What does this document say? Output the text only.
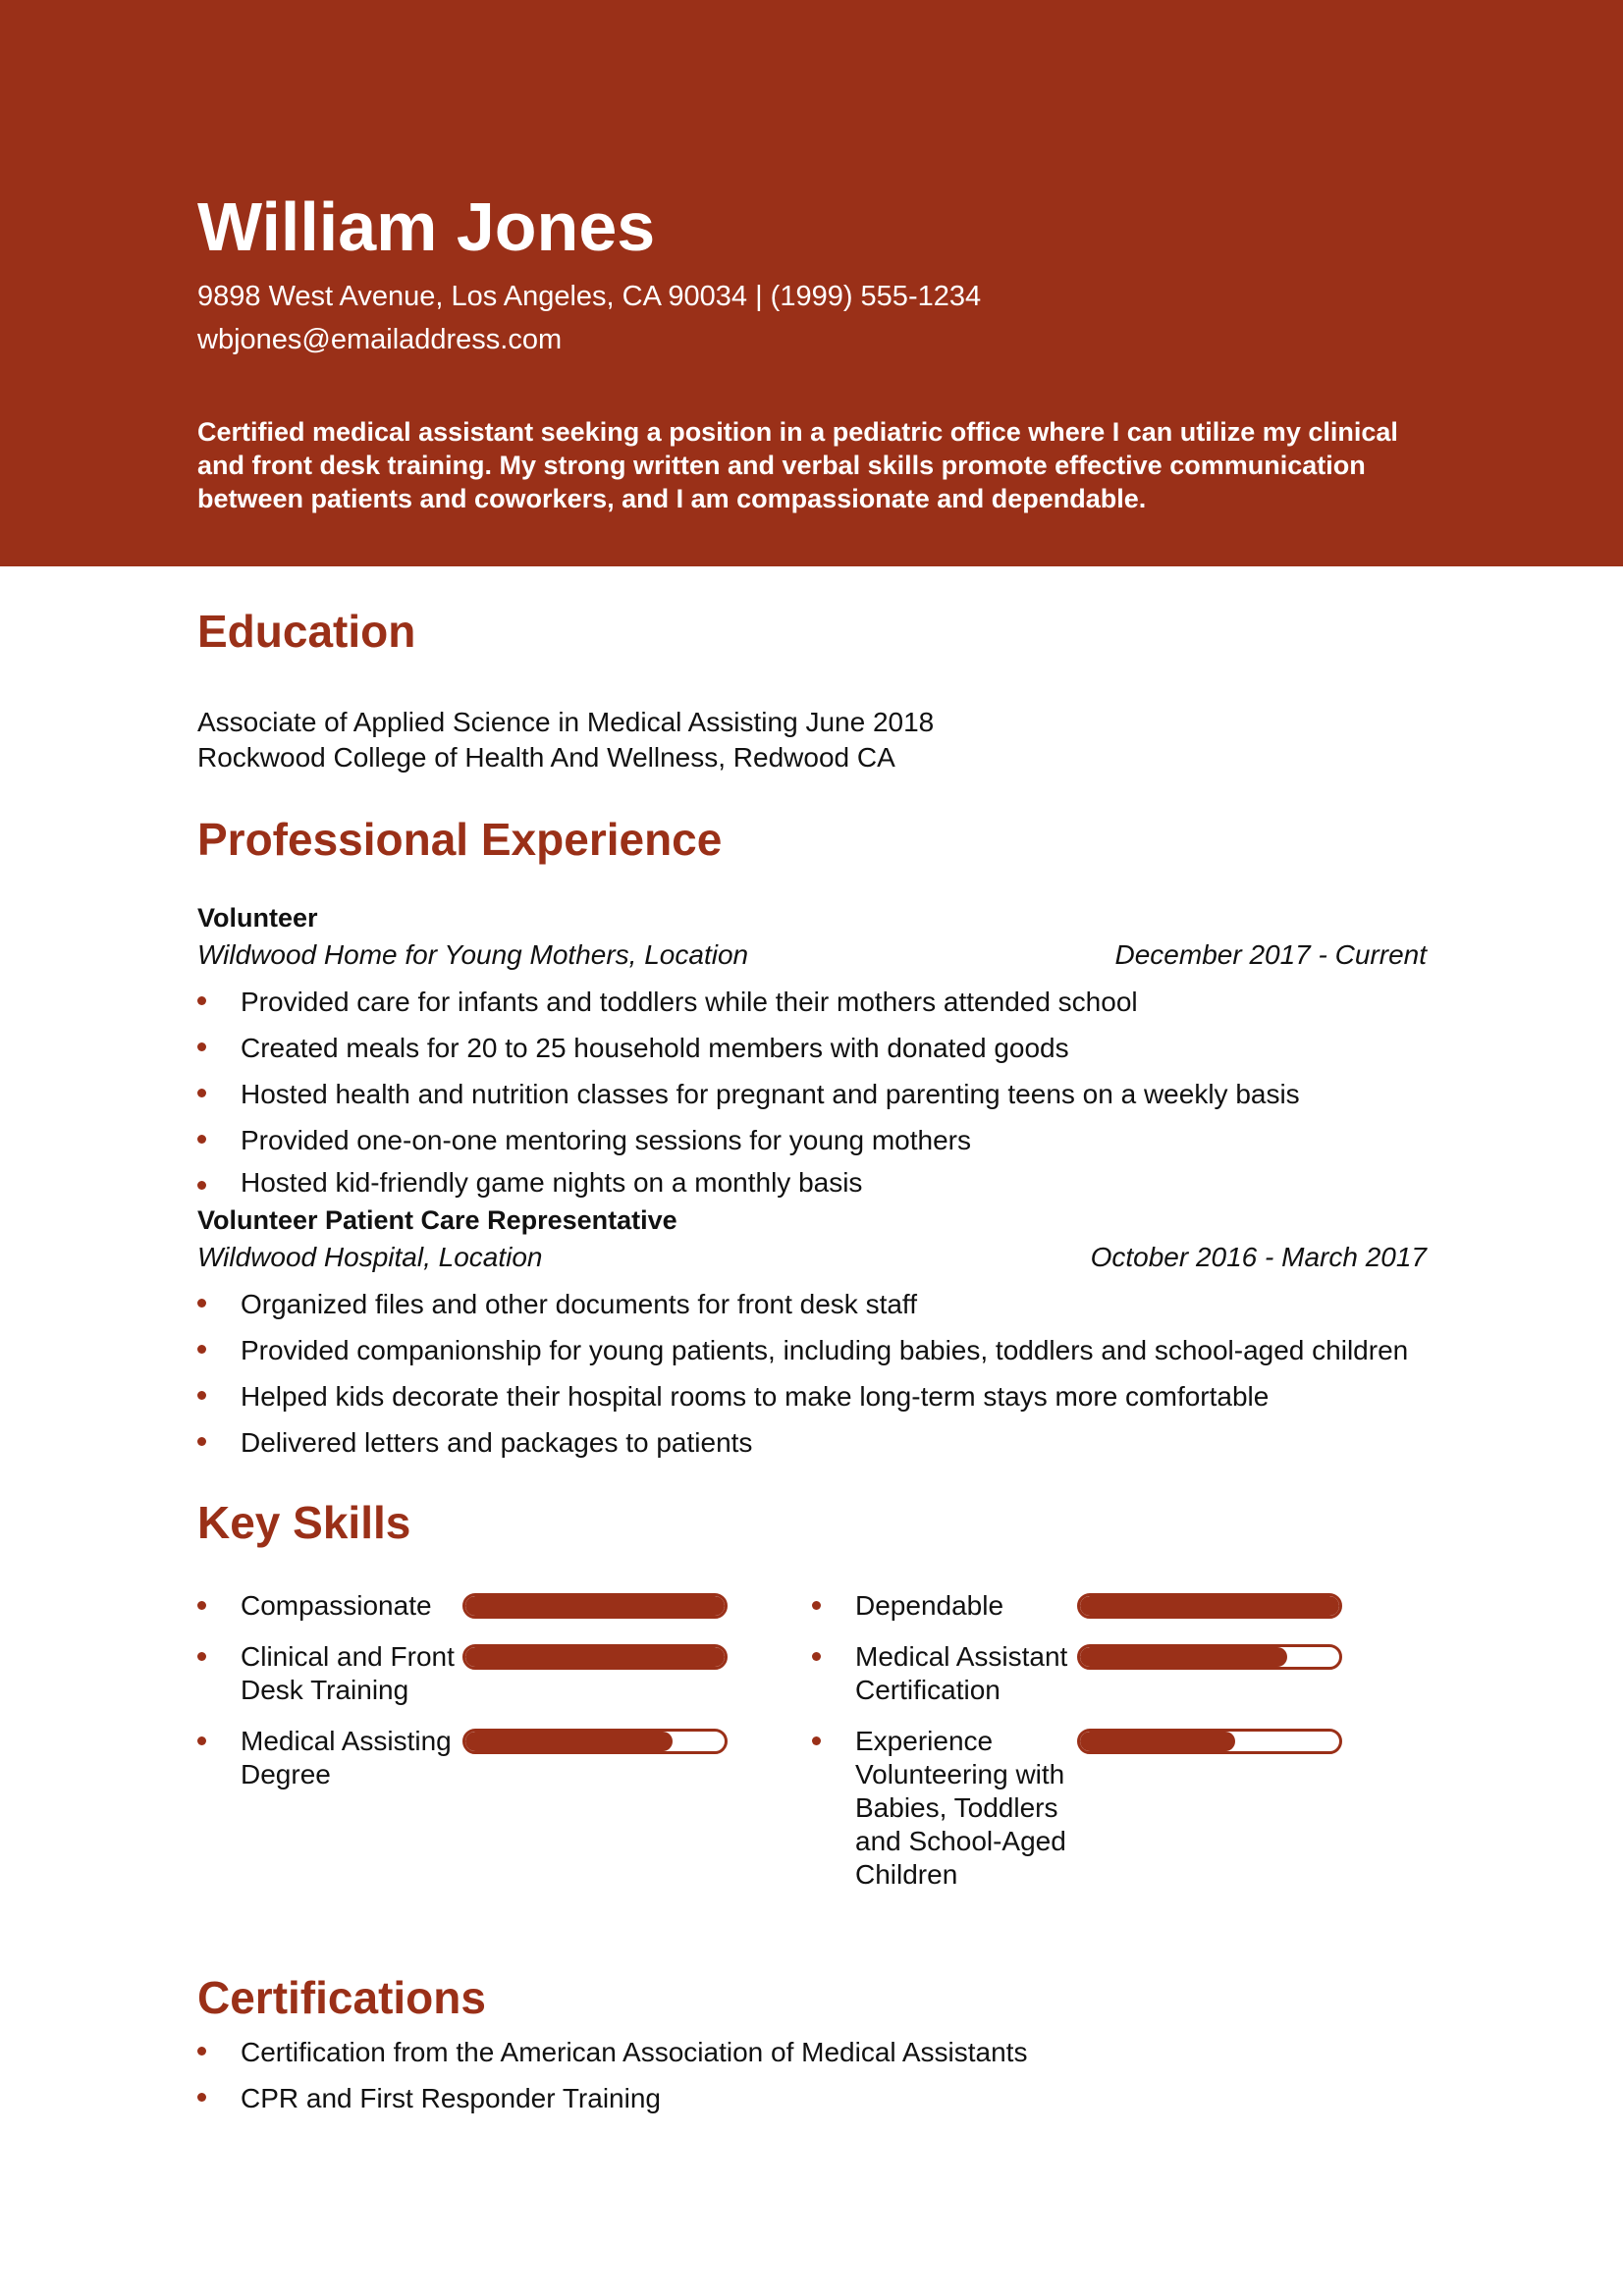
William Jones

9898 West Avenue, Los Angeles, CA 90034 | (1999) 555-1234

wbjones@emailaddress.com

Certified medical assistant seeking a position in a pediatric office where I can utilize my clinical and front desk training. My strong written and verbal skills promote effective communication between patients and coworkers, and I am compassionate and dependable.
Education
Associate of Applied Science in Medical Assisting June 2018
Rockwood College of Health And Wellness, Redwood CA
Professional Experience
Volunteer
Wildwood Home for Young Mothers, Location	December 2017 - Current
Provided care for infants and toddlers while their mothers attended school
Created meals for 20 to 25 household members with donated goods
Hosted health and nutrition classes for pregnant and parenting teens on a weekly basis
Provided one-on-one mentoring sessions for young mothers
Hosted kid-friendly game nights on a monthly basis
Volunteer Patient Care Representative
Wildwood Hospital, Location	October 2016 - March 2017
Organized files and other documents for front desk staff
Provided companionship for young patients, including babies, toddlers and school-aged children
Helped kids decorate their hospital rooms to make long-term stays more comfortable
Delivered letters and packages to patients
Key Skills
Compassionate
Clinical and Front Desk Training
Medical Assisting Degree
Dependable
Medical Assistant Certification
Experience Volunteering with Babies, Toddlers and School-Aged Children
Certifications
Certification from the American Association of Medical Assistants
CPR and First Responder Training
